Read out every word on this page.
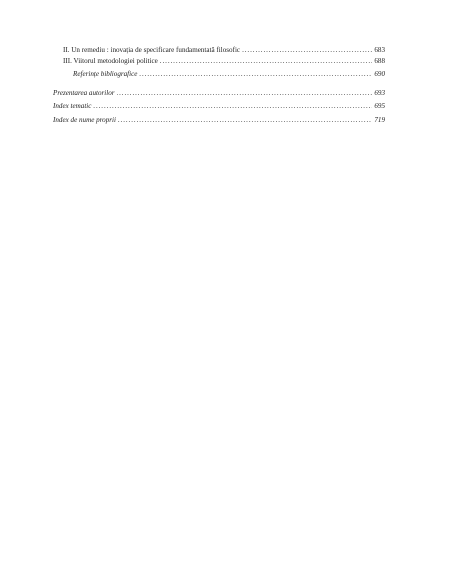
II. Un remediu : inovația de specificare fundamentată filosofic .....	683
III. Viitorul metodologiei politice .....	688
Referințe bibliografice .....	690
Prezentarea autorilor .....	693
Index tematic .....	695
Index de nume proprii .....	719
